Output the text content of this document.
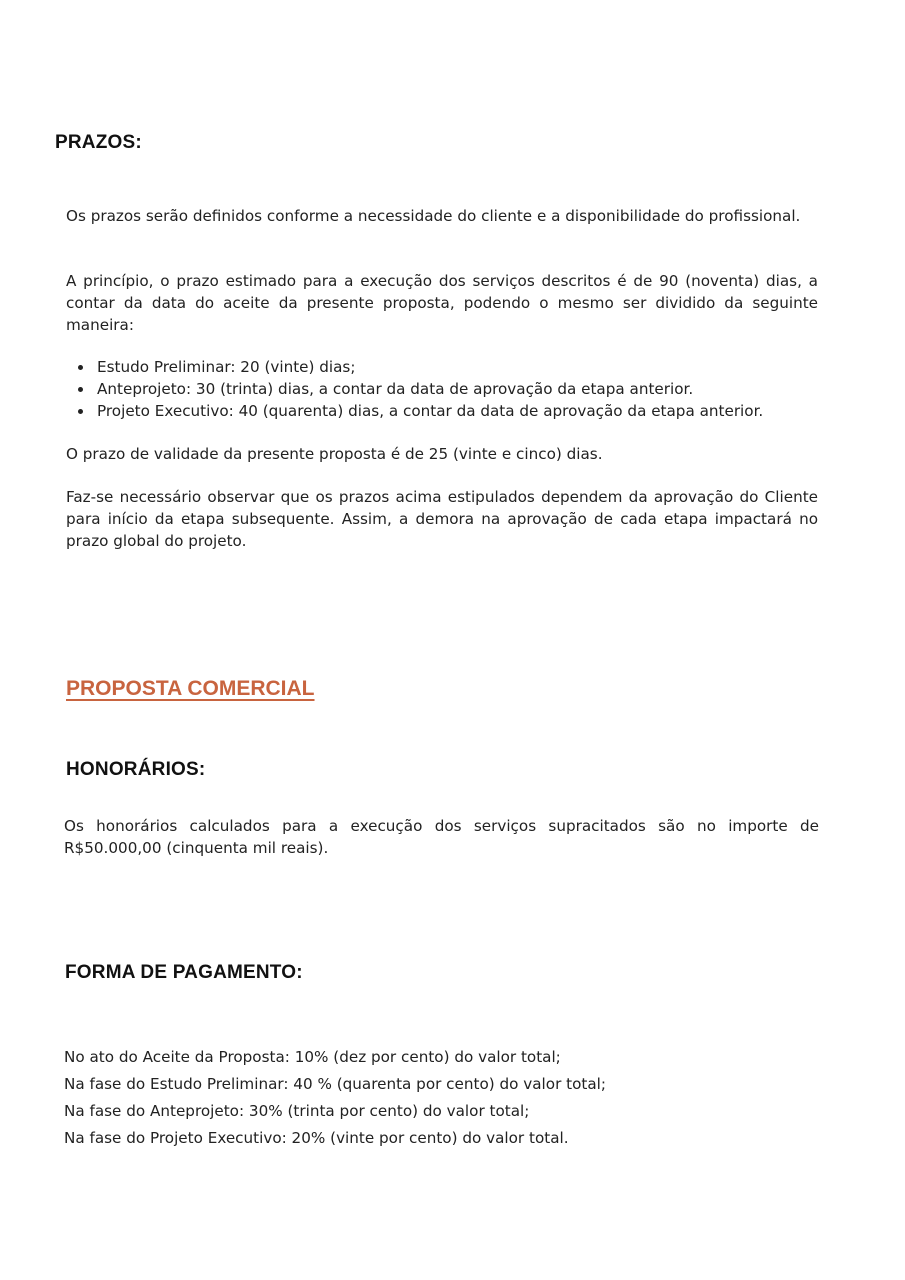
PRAZOS:
Os prazos serão definidos conforme a necessidade do cliente e a disponibilidade do profissional.
A princípio, o prazo estimado para a execução dos serviços descritos é de 90 (noventa) dias, a contar da data do aceite da presente proposta, podendo o mesmo ser dividido da seguinte maneira:
Estudo Preliminar: 20 (vinte) dias;
Anteprojeto: 30 (trinta) dias, a contar da data de aprovação da etapa anterior.
Projeto Executivo: 40 (quarenta) dias, a contar da data de aprovação da etapa anterior.
O prazo de validade da presente proposta é de 25 (vinte e cinco) dias.
Faz-se necessário observar que os prazos acima estipulados dependem da aprovação do Cliente para início da etapa subsequente. Assim, a demora na aprovação de cada etapa impactará no prazo global do projeto.
PROPOSTA COMERCIAL
HONORÁRIOS:
Os honorários calculados para a execução dos serviços supracitados são no importe de R$50.000,00 (cinquenta mil reais).
FORMA DE PAGAMENTO:
No ato do Aceite da Proposta: 10% (dez por cento) do valor total;
Na fase do Estudo Preliminar: 40 % (quarenta por cento) do valor total;
Na fase do Anteprojeto: 30% (trinta por cento) do valor total;
Na fase do Projeto Executivo: 20% (vinte por cento) do valor total.
